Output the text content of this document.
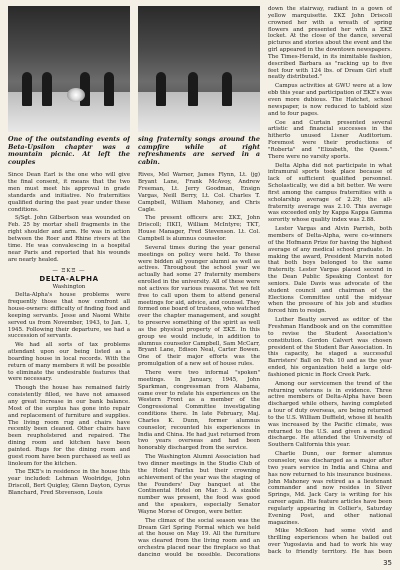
One of the outstanding events of Beta-Upsilon chapter was a mountain picnic. At left the couples

Since Dean Earl is the one who will give the final consent, it means that the two men must meet his approval in grade standards and initiative. No fraternities qualified during the past year under these conditions.

S/Sgt. John Gilbertson was wounded on Feb. 25 by mortar shell fragments in the right shoulder and arm. He was in action between the Roer and Rhine rivers at the time. He was convalescing in a hospital near Paris and reported that his wounds are nearly healed.

— ΞΚΞ —
DELTA-ALPHA
Washington

Delta-Alpha's house problems were frequently those that now confront all house-owners: difficulty of finding food and keeping servants. Jesse and Naomi White served us from November, 1943, to Jan. 1, 1945. Following their departure, we had a succession of servants.

We had all sorts of tax problems attendant upon our being listed as a boarding house in local records. With the return of many members it will be possible to eliminate the undesirable features that were necessary.

Though the house has remained fairly consistently filled, we have not amassed any great increase in our bank balance. Most of the surplus has gone into repair and replacement of furniture and supplies. The living room rug and chairs have recently been cleaned. Other chairs have been reupholstered and repaired. The dining room and kitchen have been painted. Rugs for the dining room and guest room have been purchased as well as linoleum for the kitchen.

The ΞΚΞ's in residence in the house this year included: Lehman Woolridge, John Driscoll, Bert Quigley, Glenn Dayton, Cyrus Blanchard, Fred Stevenson, Louis

sing fraternity songs around the campfire while at right refreshments are served in a cabin.

Rives, Mel Warner, James Flynn, Lt. (jg) Bryant Lane, Frank McAvoy, Andrew Freeman, Lt. Jerry Goodman, Ensign Vargas, Neill Berry, Lt. Col. Charles T. Campbell, William Mahoney, and Chris Cagle.

The present officers are: ΣΚΣ, John Driscoll; ΠΚΠ, William McIntyre; ΤΚΤ, House Manager, Fred Stevenson. Lt. Col. Campbell is alumnus counselor.

Several times during the year general meetings on policy were held. To these were bidden all younger alumni as well as actives. Throughout the school year we actually had some 27 fraternity members enrolled in the university. All of these were not actives for various reasons. Yet we felt free to call upon them to attend general meetings for aid, advice, and counsel. They formed one board of trustees, who watched over the chapter management, and sought to preserve something of the spirit as well as the physical property of ΞΚΞ. In this group we would include, in addition to alumnus counselor Campbell, Sam McCarr, Bryant Lane, Edison Neal, Carter Bowen. One of their major efforts was the promulgation of a new set of house rules.

There were two informal "spoken" meetings. In January, 1945, John Sparkman, congressman from Alabama, came over to relate his experiences on the Western Front as a member of the Congressional Committee investigating conditions there. In late February, Maj. Charles K. Dunn, former alumnus counselor, recounted his experiences in India and China. He had just returned from two years overseas and had been honorably discharged from the service.

The Washington Alumni Association had two dinner meetings in the Studio Club of the Hotel Fairfax but their crowning achievement of the year was the staging of the Founders' Day banquet at the Continental Hotel on Mar. 3. A sizable number was present, the food was good and the speakers, especially Senator Wayne Morse of Oregon, were better.

The climax of the social season was the Dream Girl Spring Formal which we held at the house on May 19. All the furniture was cleared from the living room and an orchestra placed near the fireplace so that dancing would be possible. Decorations

down the stairway, radiant in a gown of yellow marquisette. ΣΚΣ John Driscoll crowned her with a wreath of spring flowers and presented her with a ΞΚΞ locket. At the close of the dance, several pictures and stories about the event and the girl appeared in the downtown newspapers. The Times-Herald, in its inimitable fashion, described Barbara as "racking up to five feet four with 124 lbs. of Dream Girl stuff neatly distributed."

Campus activities at GWU were at a low ebb this year and participation of ΞΚΞ's was even more dubious. The Hatchet, school newspaper, is now reduced to tabloid size and to four pages.

Coe and Curtain presented several artistic and financial successes in the hitherto unused Lisner Auditorium. Foremost were their productions of "Roberta" and "Elizabeth, the Queen." There were no varsity sports.

Delta Alpha did not participate in what intramural sports took place because of lack of sufficient qualified personnel. Scholastically, we did a bit better. We were first among the campus fraternities with a scholarship average of 2.29; the all-fraternity average was 2.10. This average was exceeded only by Kappa Kappa Gamma sorority whose quality index was 2.88.

Lester Vargas and Alvin Parrish, both members of Delta-Alpha, were co-winners of the Hofmann Prize for having the highest average of any medical school graduate. In making the award, President Marvin noted that both boys belonged to the same fraternity. Lester Vargas placed second in the Dean Public Speaking Contest for seniors. Dale Davis was advocate of the student council and chairman of the Elections Committee until the midyear when the pressure of his job and studies forced him to resign.

Luther Beatty served as editor of the Freshman Handbook and on the committee to revise the Student Association's constitution. Gordon Calvert was chosen president of the Student Bar Association. In this capacity, he staged a successful Barristers' Ball on Feb. 10 and as the year ended, his organization held a large old-fashioned picnic in Rock Creek Park.

Among our servicemen the trend of the returning veterans is in evidence. Three active members of Delta-Alpha have been discharged while others, having completed a tour of duty overseas, are being returned to the U.S. William Duffield, whose ill health was increased by the Pacific climate, was returned to the U.S. and given a medical discharge. He attended the University of Southern California this year.

Charlie Dunn, our former alumnus counselor, was discharged as a major after two years service in India and China and has now returned to his insurance business. John Mahoney was retired as a lieutenant commander and now resides in Silver Springs, Md. Jack Cary is writing for his career again. His feature articles have been regularly appearing in Collier's, Saturday Evening Post, and other national magazines.

Mike McKeon had some vivid and thrilling experiences when he bailed out over Yugoslavia and had to work his way back to friendly territory. He has been

35
